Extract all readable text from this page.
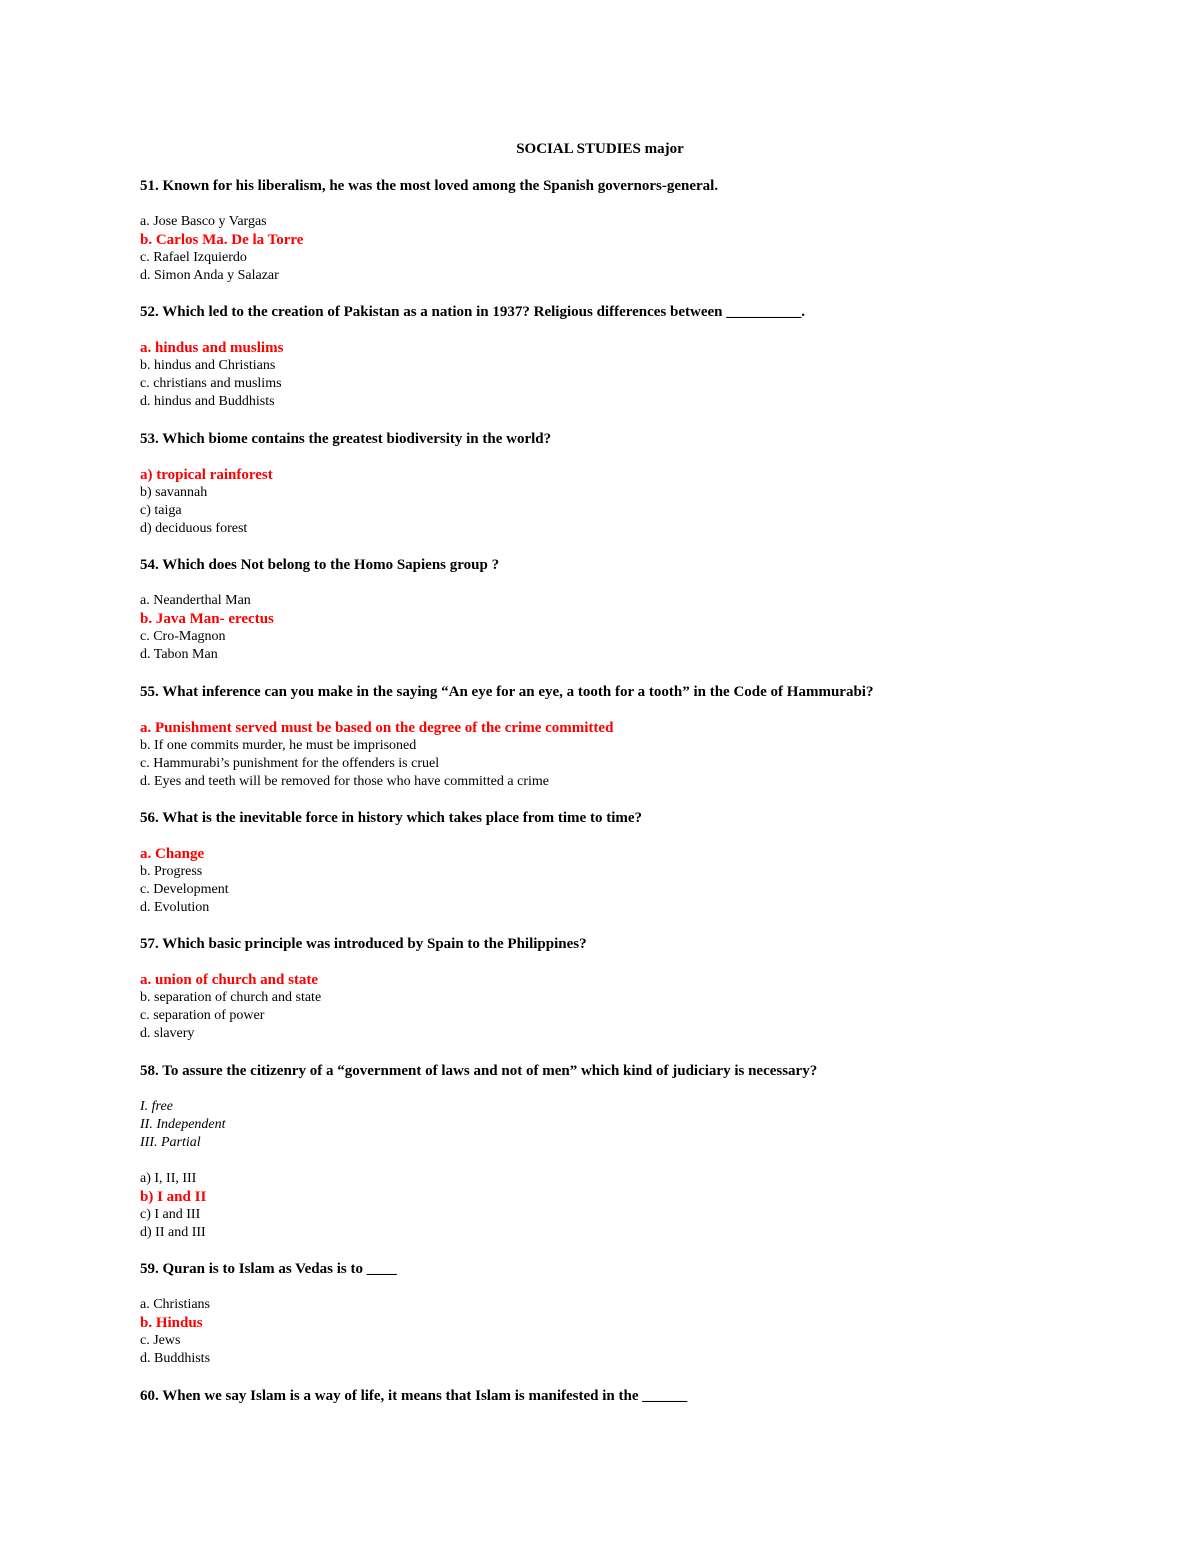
SOCIAL STUDIES major
51. Known for his liberalism, he was the most loved among the Spanish governors-general.
a. Jose Basco y Vargas
b. Carlos Ma. De la Torre
c. Rafael Izquierdo
d. Simon Anda y Salazar
52. Which led to the creation of Pakistan as a nation in 1937? Religious differences between __________.
a. hindus and muslims
b. hindus and Christians
c. christians and muslims
d. hindus and Buddhists
53. Which biome contains the greatest biodiversity in the world?
a) tropical rainforest
b) savannah
c) taiga
d) deciduous forest
54. Which does Not belong to the Homo Sapiens group ?
a. Neanderthal Man
b. Java Man- erectus
c. Cro-Magnon
d. Tabon Man
55. What inference can you make in the saying “An eye for an eye, a tooth for a tooth” in the Code of Hammurabi?
a. Punishment served must be based on the degree of the crime committed
b. If one commits murder, he must be imprisoned
c. Hammurabi’s punishment for the offenders is cruel
d. Eyes and teeth will be removed for those who have committed a crime
56. What is the inevitable force in history which takes place from time to time?
a. Change
b. Progress
c. Development
d. Evolution
57. Which basic principle was introduced by Spain to the Philippines?
a. union of church and state
b. separation of church and state
c. separation of power
d. slavery
58. To assure the citizenry of a “government of laws and not of men” which kind of judiciary is necessary?
I. free
II. Independent
III. Partial
a) I, II, III
b) I and II
c) I and III
d) II and III
59. Quran is to Islam as Vedas is to ____
a. Christians
b. Hindus
c. Jews
d. Buddhists
60. When we say Islam is a way of life, it means that Islam is manifested in the ______
